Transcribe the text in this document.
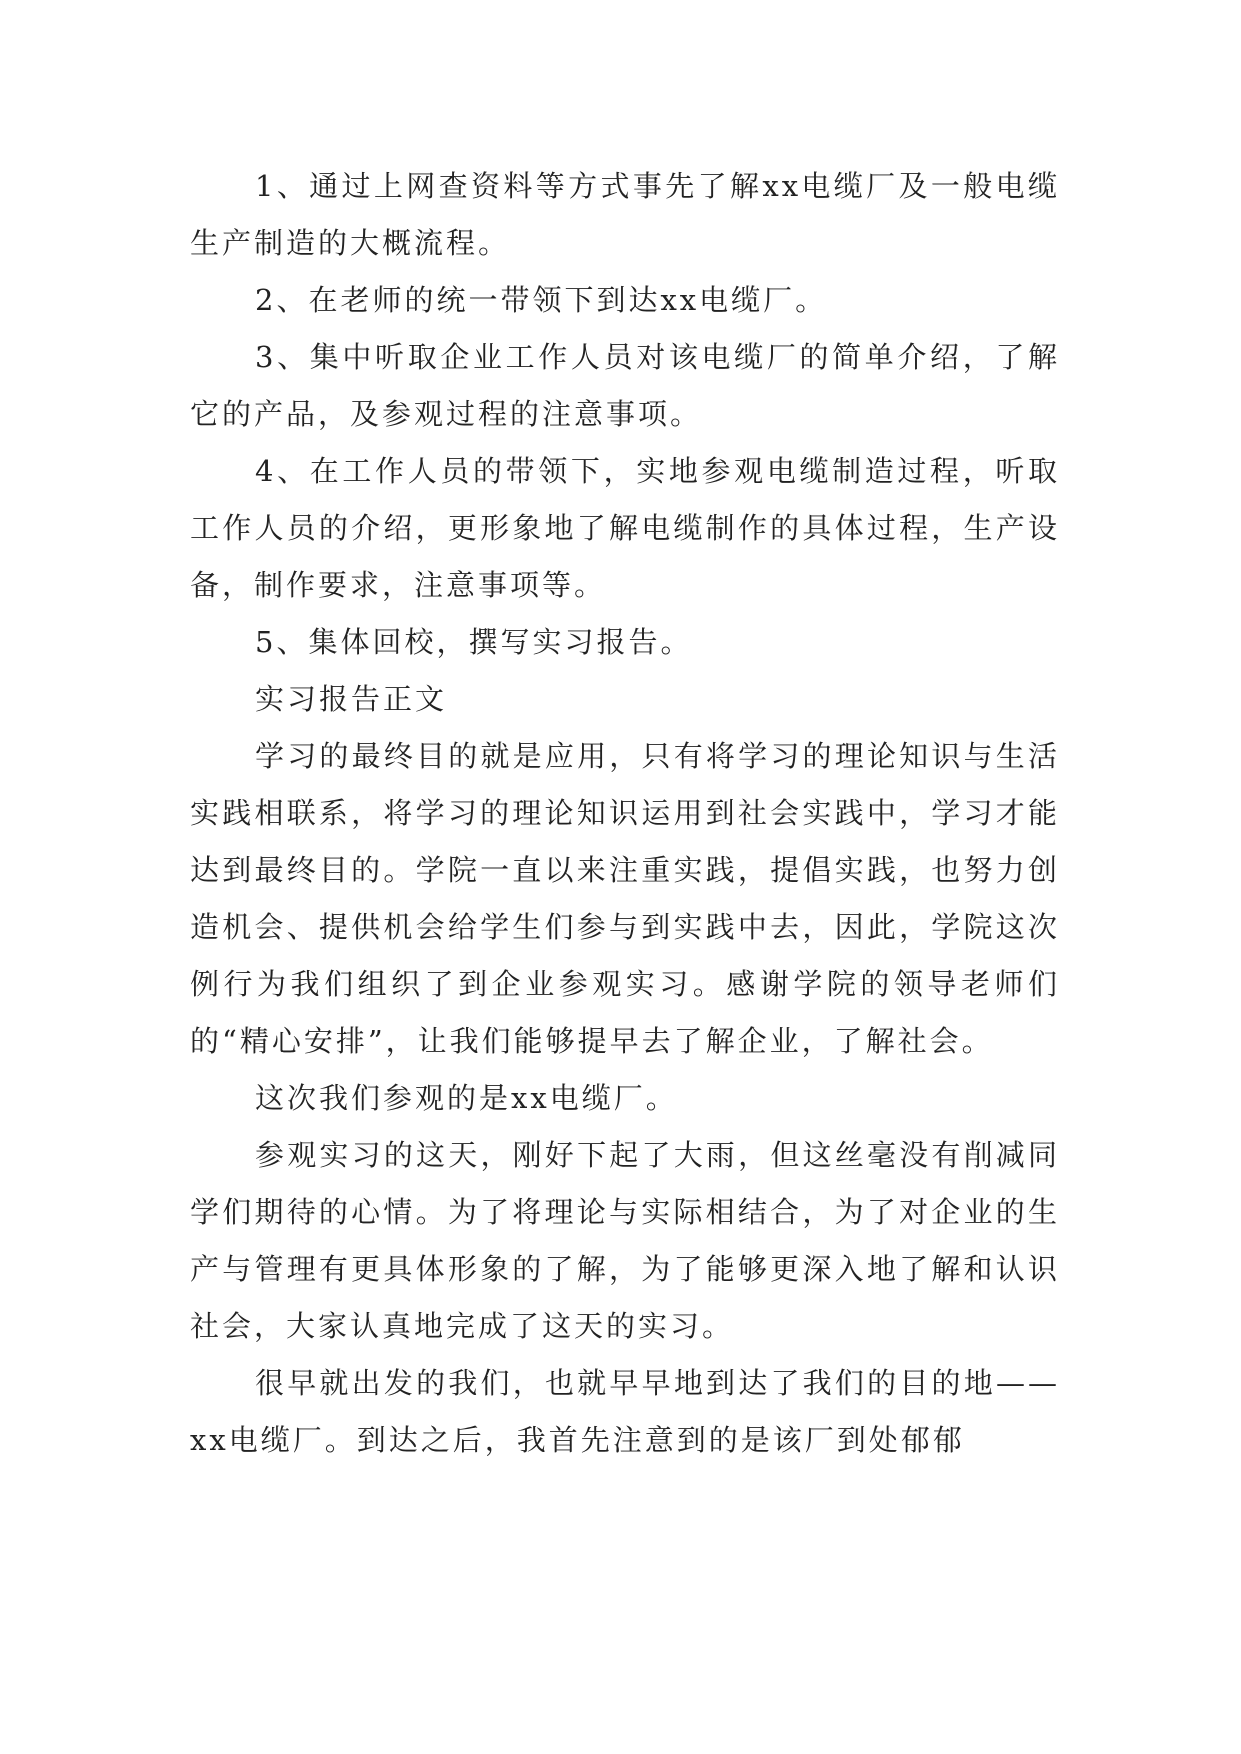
1、通过上网查资料等方式事先了解xx电缆厂及一般电缆生产制造的大概流程。

2、在老师的统一带领下到达xx电缆厂。

3、集中听取企业工作人员对该电缆厂的简单介绍，了解它的产品，及参观过程的注意事项。

4、在工作人员的带领下，实地参观电缆制造过程，听取工作人员的介绍，更形象地了解电缆制作的具体过程，生产设备，制作要求，注意事项等。

5、集体回校，撰写实习报告。

实习报告正文

学习的最终目的就是应用，只有将学习的理论知识与生活实践相联系，将学习的理论知识运用到社会实践中，学习才能达到最终目的。学院一直以来注重实践，提倡实践，也努力创造机会、提供机会给学生们参与到实践中去，因此，学院这次例行为我们组织了到企业参观实习。感谢学院的领导老师们的“精心安排”，让我们能够提早去了解企业，了解社会。

这次我们参观的是xx电缆厂。

参观实习的这天，刚好下起了大雨，但这丝毫没有削减同学们期待的心情。为了将理论与实际相结合，为了对企业的生产与管理有更具体形象的了解，为了能够更深入地了解和认识社会，大家认真地完成了这天的实习。

很早就出发的我们，也就早早地到达了我们的目的地——xx电缆厂。到达之后，我首先注意到的是该厂到处郁郁
